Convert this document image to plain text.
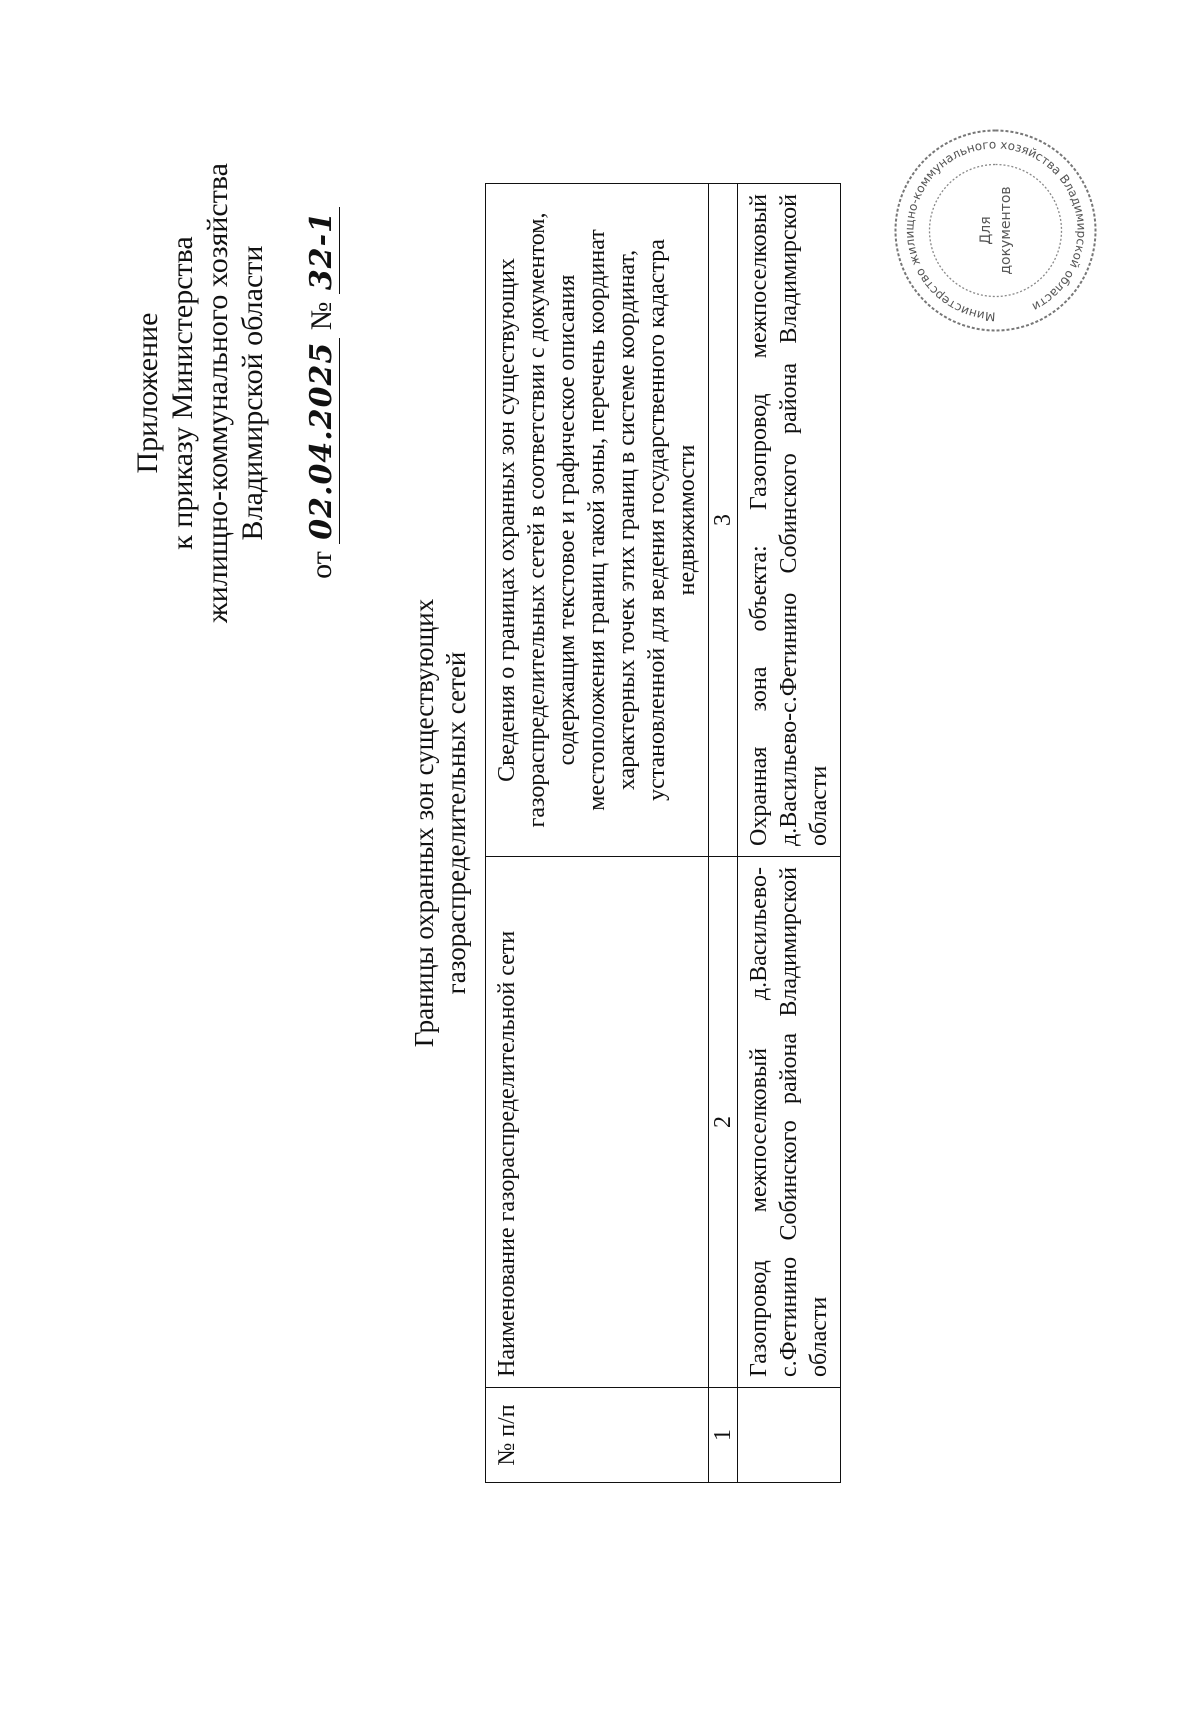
Приложение к приказу Министерства жилищно-коммунального хозяйства Владимирской области
от 02.04.2025 № 32-1
Границы охранных зон существующих газораспределительных сетей
№ п/п	Наименование газораспределительной сети	Сведения о границах охранных зон существующих газораспределительных сетей в соответствии с документом, содержащим текстовое и графическое описания местоположения границ такой зоны, перечень координат характерных точек этих границ в системе координат, установленной для ведения государственного кадастра недвижимости
1	2	3
	Газопровод межпоселковый д.Васильево-с.Фетинино Собинского района Владимирской области	Охранная зона объекта: Газопровод межпоселковый д.Васильево-с.Фетинино Собинского района Владимирской области
Министерство жилищно-коммунального хозяйства Владимирской области
Для документов
